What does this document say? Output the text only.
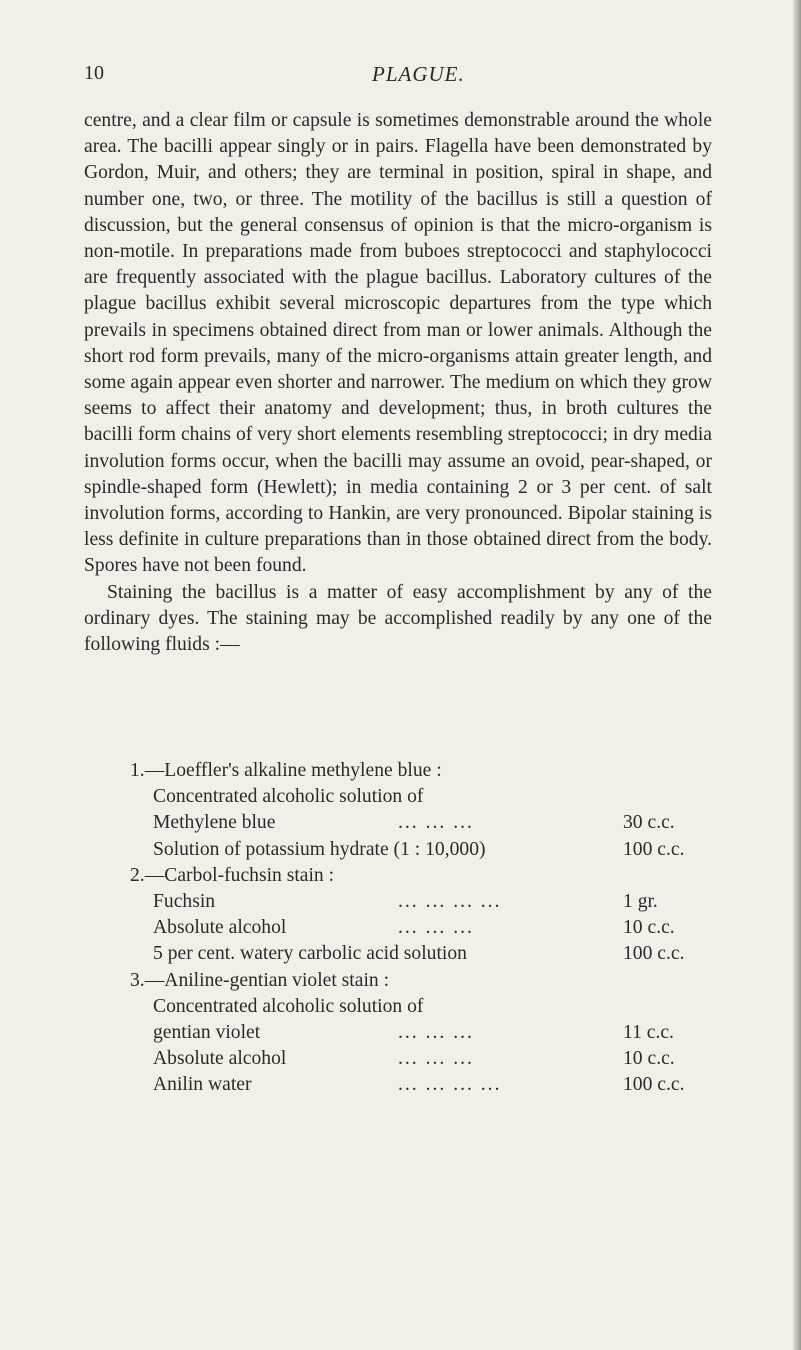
10	PLAGUE.

centre, and a clear film or capsule is sometimes demonstrable around the whole area. The bacilli appear singly or in pairs. Flagella have been demonstrated by Gordon, Muir, and others; they are terminal in position, spiral in shape, and number one, two, or three. The motility of the bacillus is still a question of discussion, but the general consensus of opinion is that the micro-organism is non-motile. In preparations made from buboes streptococci and staphylococci are frequently associated with the plague bacillus. Laboratory cultures of the plague bacillus exhibit several microscopic departures from the type which prevails in specimens obtained direct from man or lower animals. Although the short rod form prevails, many of the micro-organisms attain greater length, and some again appear even shorter and narrower. The medium on which they grow seems to affect their anatomy and development; thus, in broth cultures the bacilli form chains of very short elements resembling streptococci; in dry media involution forms occur, when the bacilli may assume an ovoid, pear-shaped, or spindle-shaped form (Hewlett); in media containing 2 or 3 per cent. of salt involution forms, according to Hankin, are very pronounced. Bipolar staining is less definite in culture preparations than in those obtained direct from the body. Spores have not been found.

Staining the bacillus is a matter of easy accomplishment by any of the ordinary dyes. The staining may be accomplished readily by any one of the following fluids :—

1.—Loeffler's alkaline methylene blue :
Concentrated alcoholic solution of
Methylene blue	... ... ...	30 c.c.
Solution of potassium hydrate (1 : 10,000)	100 c.c.
2.—Carbol-fuchsin stain :
Fuchsin	... ... ... ...	1 gr.
Absolute alcohol	... ... ...	10 c.c.
5 per cent. watery carbolic acid solution	100 c.c.
3.—Aniline-gentian violet stain :
Concentrated alcoholic solution of
gentian violet	... ... ...	11 c.c.
Absolute alcohol	... ... ...	10 c.c.
Anilin water	... ... ... ...	100 c.c.
